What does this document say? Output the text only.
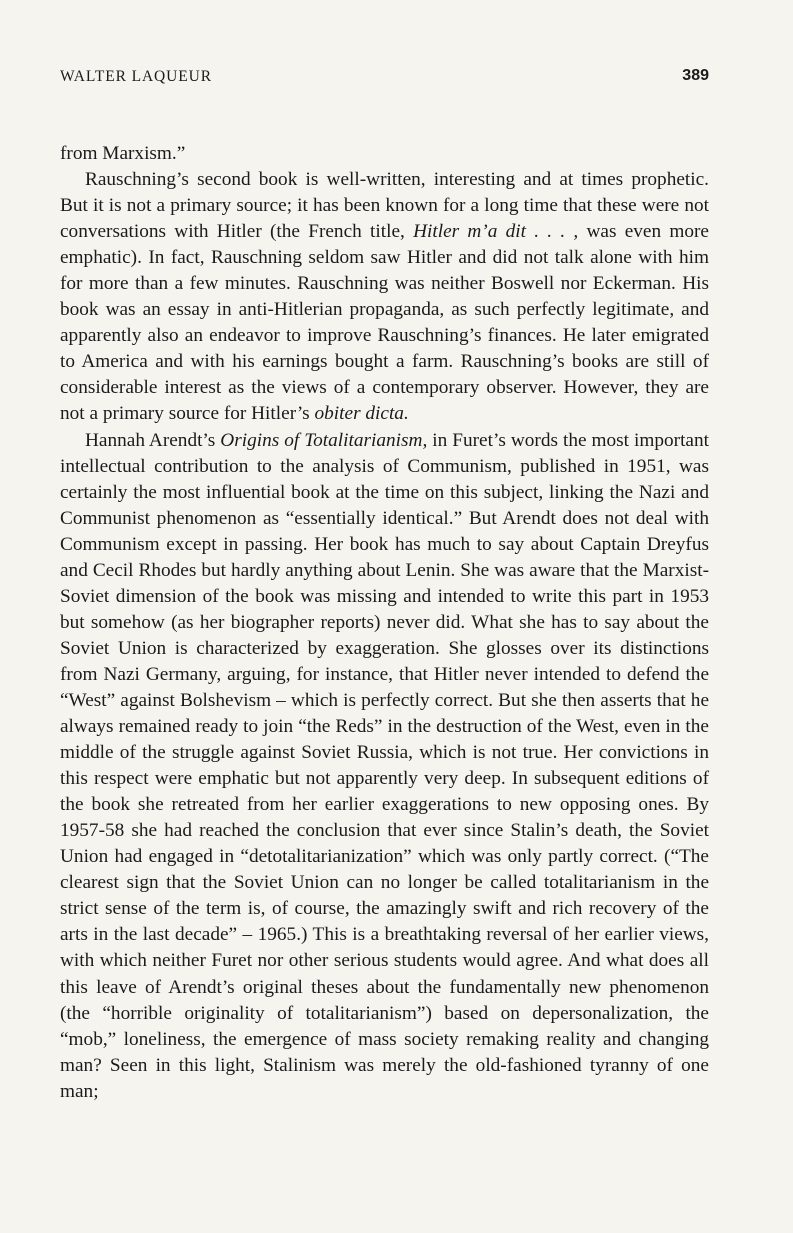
WALTER LAQUEUR	389

from Marxism.”

Rauschning’s second book is well-written, interesting and at times prophetic. But it is not a primary source; it has been known for a long time that these were not conversations with Hitler (the French title, Hitler m’a dit . . . , was even more emphatic). In fact, Rauschning seldom saw Hitler and did not talk alone with him for more than a few minutes. Rauschning was neither Boswell nor Eckerman. His book was an essay in anti-Hitlerian propaganda, as such perfectly legitimate, and apparently also an endeavor to improve Rauschning’s finances. He later emigrated to America and with his earnings bought a farm. Rauschning’s books are still of considerable interest as the views of a contemporary observer. However, they are not a primary source for Hitler’s obiter dicta.

Hannah Arendt’s Origins of Totalitarianism, in Furet’s words the most important intellectual contribution to the analysis of Communism, published in 1951, was certainly the most influential book at the time on this subject, linking the Nazi and Communist phenomenon as “essentially identical.” But Arendt does not deal with Communism except in passing. Her book has much to say about Captain Dreyfus and Cecil Rhodes but hardly anything about Lenin. She was aware that the Marxist-Soviet dimension of the book was missing and intended to write this part in 1953 but somehow (as her biographer reports) never did. What she has to say about the Soviet Union is characterized by exaggeration. She glosses over its distinctions from Nazi Germany, arguing, for instance, that Hitler never intended to defend the “West” against Bolshevism – which is perfectly correct. But she then asserts that he always remained ready to join “the Reds” in the destruction of the West, even in the middle of the struggle against Soviet Russia, which is not true. Her convictions in this respect were emphatic but not apparently very deep. In subsequent editions of the book she retreated from her earlier exaggerations to new opposing ones. By 1957-58 she had reached the conclusion that ever since Stalin’s death, the Soviet Union had engaged in “detotalitarianization” which was only partly correct. (“The clearest sign that the Soviet Union can no longer be called totalitarianism in the strict sense of the term is, of course, the amazingly swift and rich recovery of the arts in the last decade” – 1965.) This is a breathtaking reversal of her earlier views, with which neither Furet nor other serious students would agree. And what does all this leave of Arendt’s original theses about the fundamentally new phenomenon (the “horrible originality of totalitarianism”) based on depersonalization, the “mob,” loneliness, the emergence of mass society remaking reality and changing man? Seen in this light, Stalinism was merely the old-fashioned tyranny of one man;
